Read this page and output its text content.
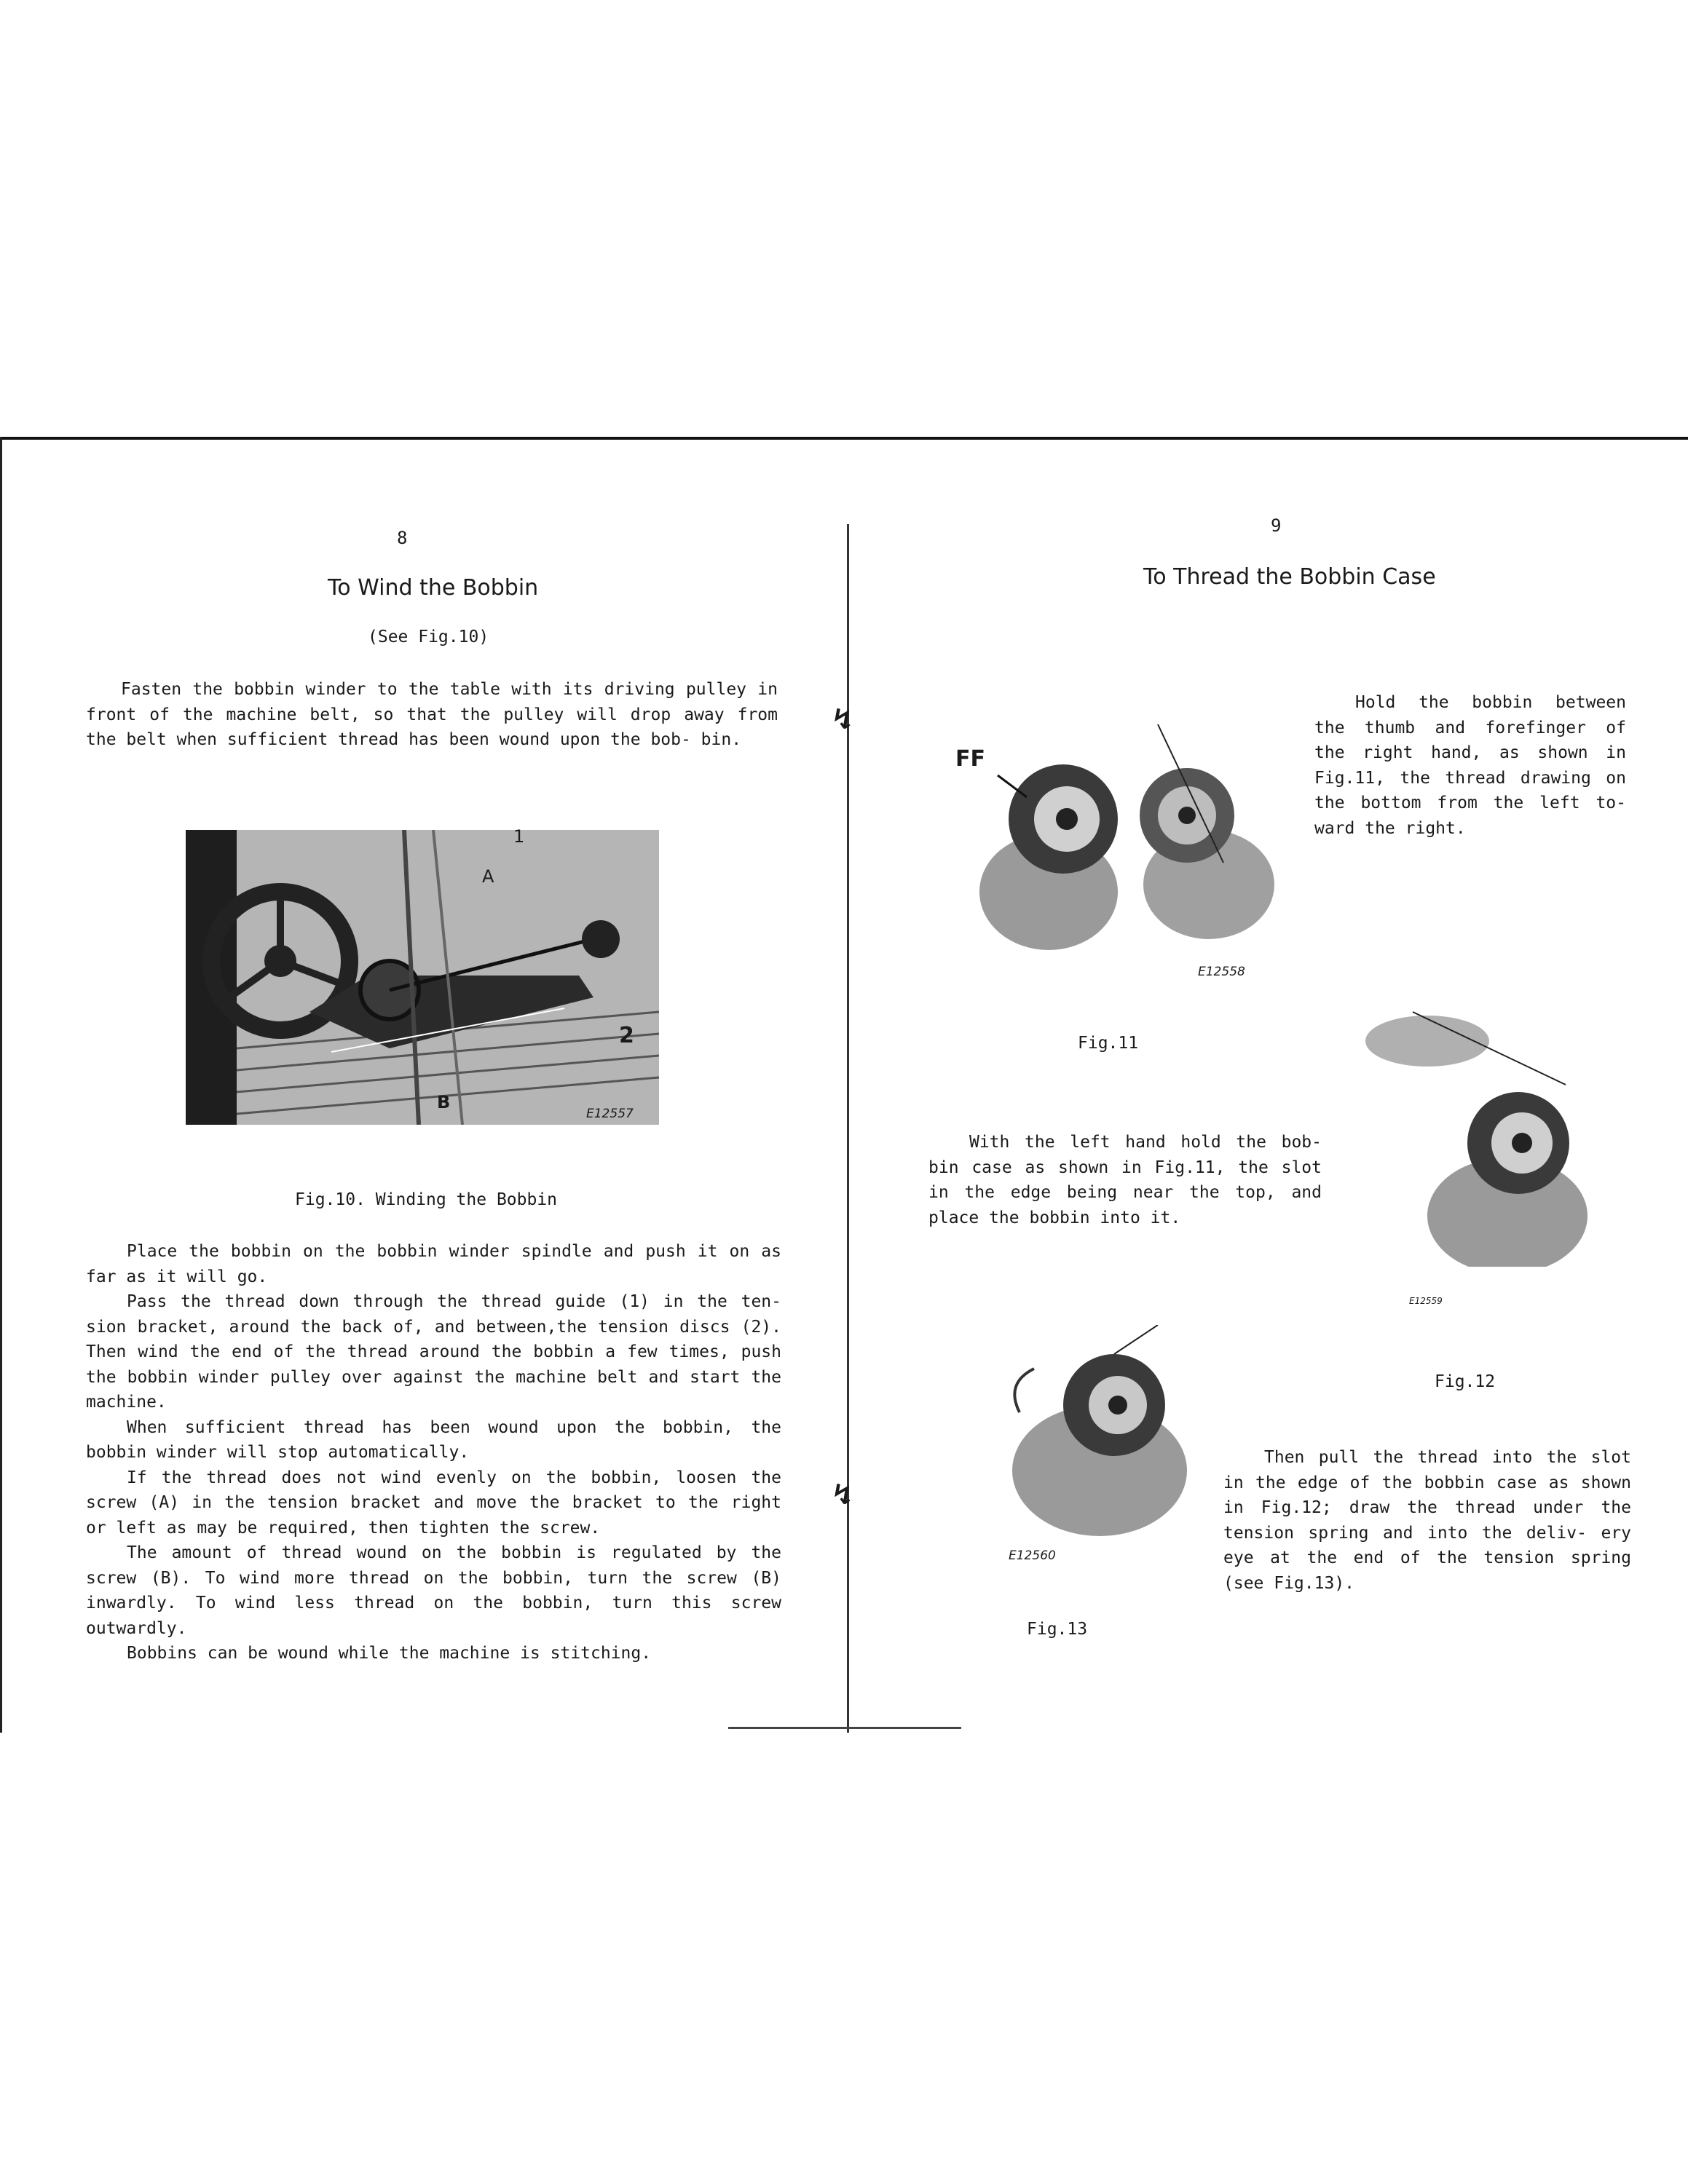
↯
↯
8
To Wind the Bobbin
(See Fig.10)
Fasten the bobbin winder to the table with its driving pulley in front of the machine belt, so that the pulley will drop away from the belt when sufficient thread has been wound upon the bob- bin.
1
A
2
B
E12557
Fig.10. Winding the Bobbin

Place the bobbin on the bobbin winder spindle and push it on as far as it will go.

Pass the thread down through the thread guide (1) in the ten- sion bracket, around the back of, and between,the tension discs (2). Then wind the end of the thread around the bobbin a few times, push the bobbin winder pulley over against the machine belt and start the machine.

When sufficient thread has been wound upon the bobbin, the bobbin winder will stop automatically.

If the thread does not wind evenly on the bobbin, loosen the screw (A) in the tension bracket and move the bracket to the right or left as may be required, then tighten the screw.

The amount of thread wound on the bobbin is regulated by the screw (B). To wind more thread on the bobbin, turn the screw (B) inwardly. To wind less thread on the bobbin, turn this screw outwardly.

Bobbins can be wound while the machine is stitching.

9
To Thread the Bobbin Case
FF
E12558
Fig.11
Hold the bobbin between the thumb and forefinger of the right hand, as shown in Fig.11, the thread drawing on the bottom from the left to- ward the right.
E12559
Fig.12
With the left hand hold the bob- bin case as shown in Fig.11, the slot in the edge being near the top, and place the bobbin into it.
E12560
Fig.13
Then pull the thread into the slot in the edge of the bobbin case as shown in Fig.12; draw the thread under the tension spring and into the deliv- ery eye at the end of the tension spring (see Fig.13).
